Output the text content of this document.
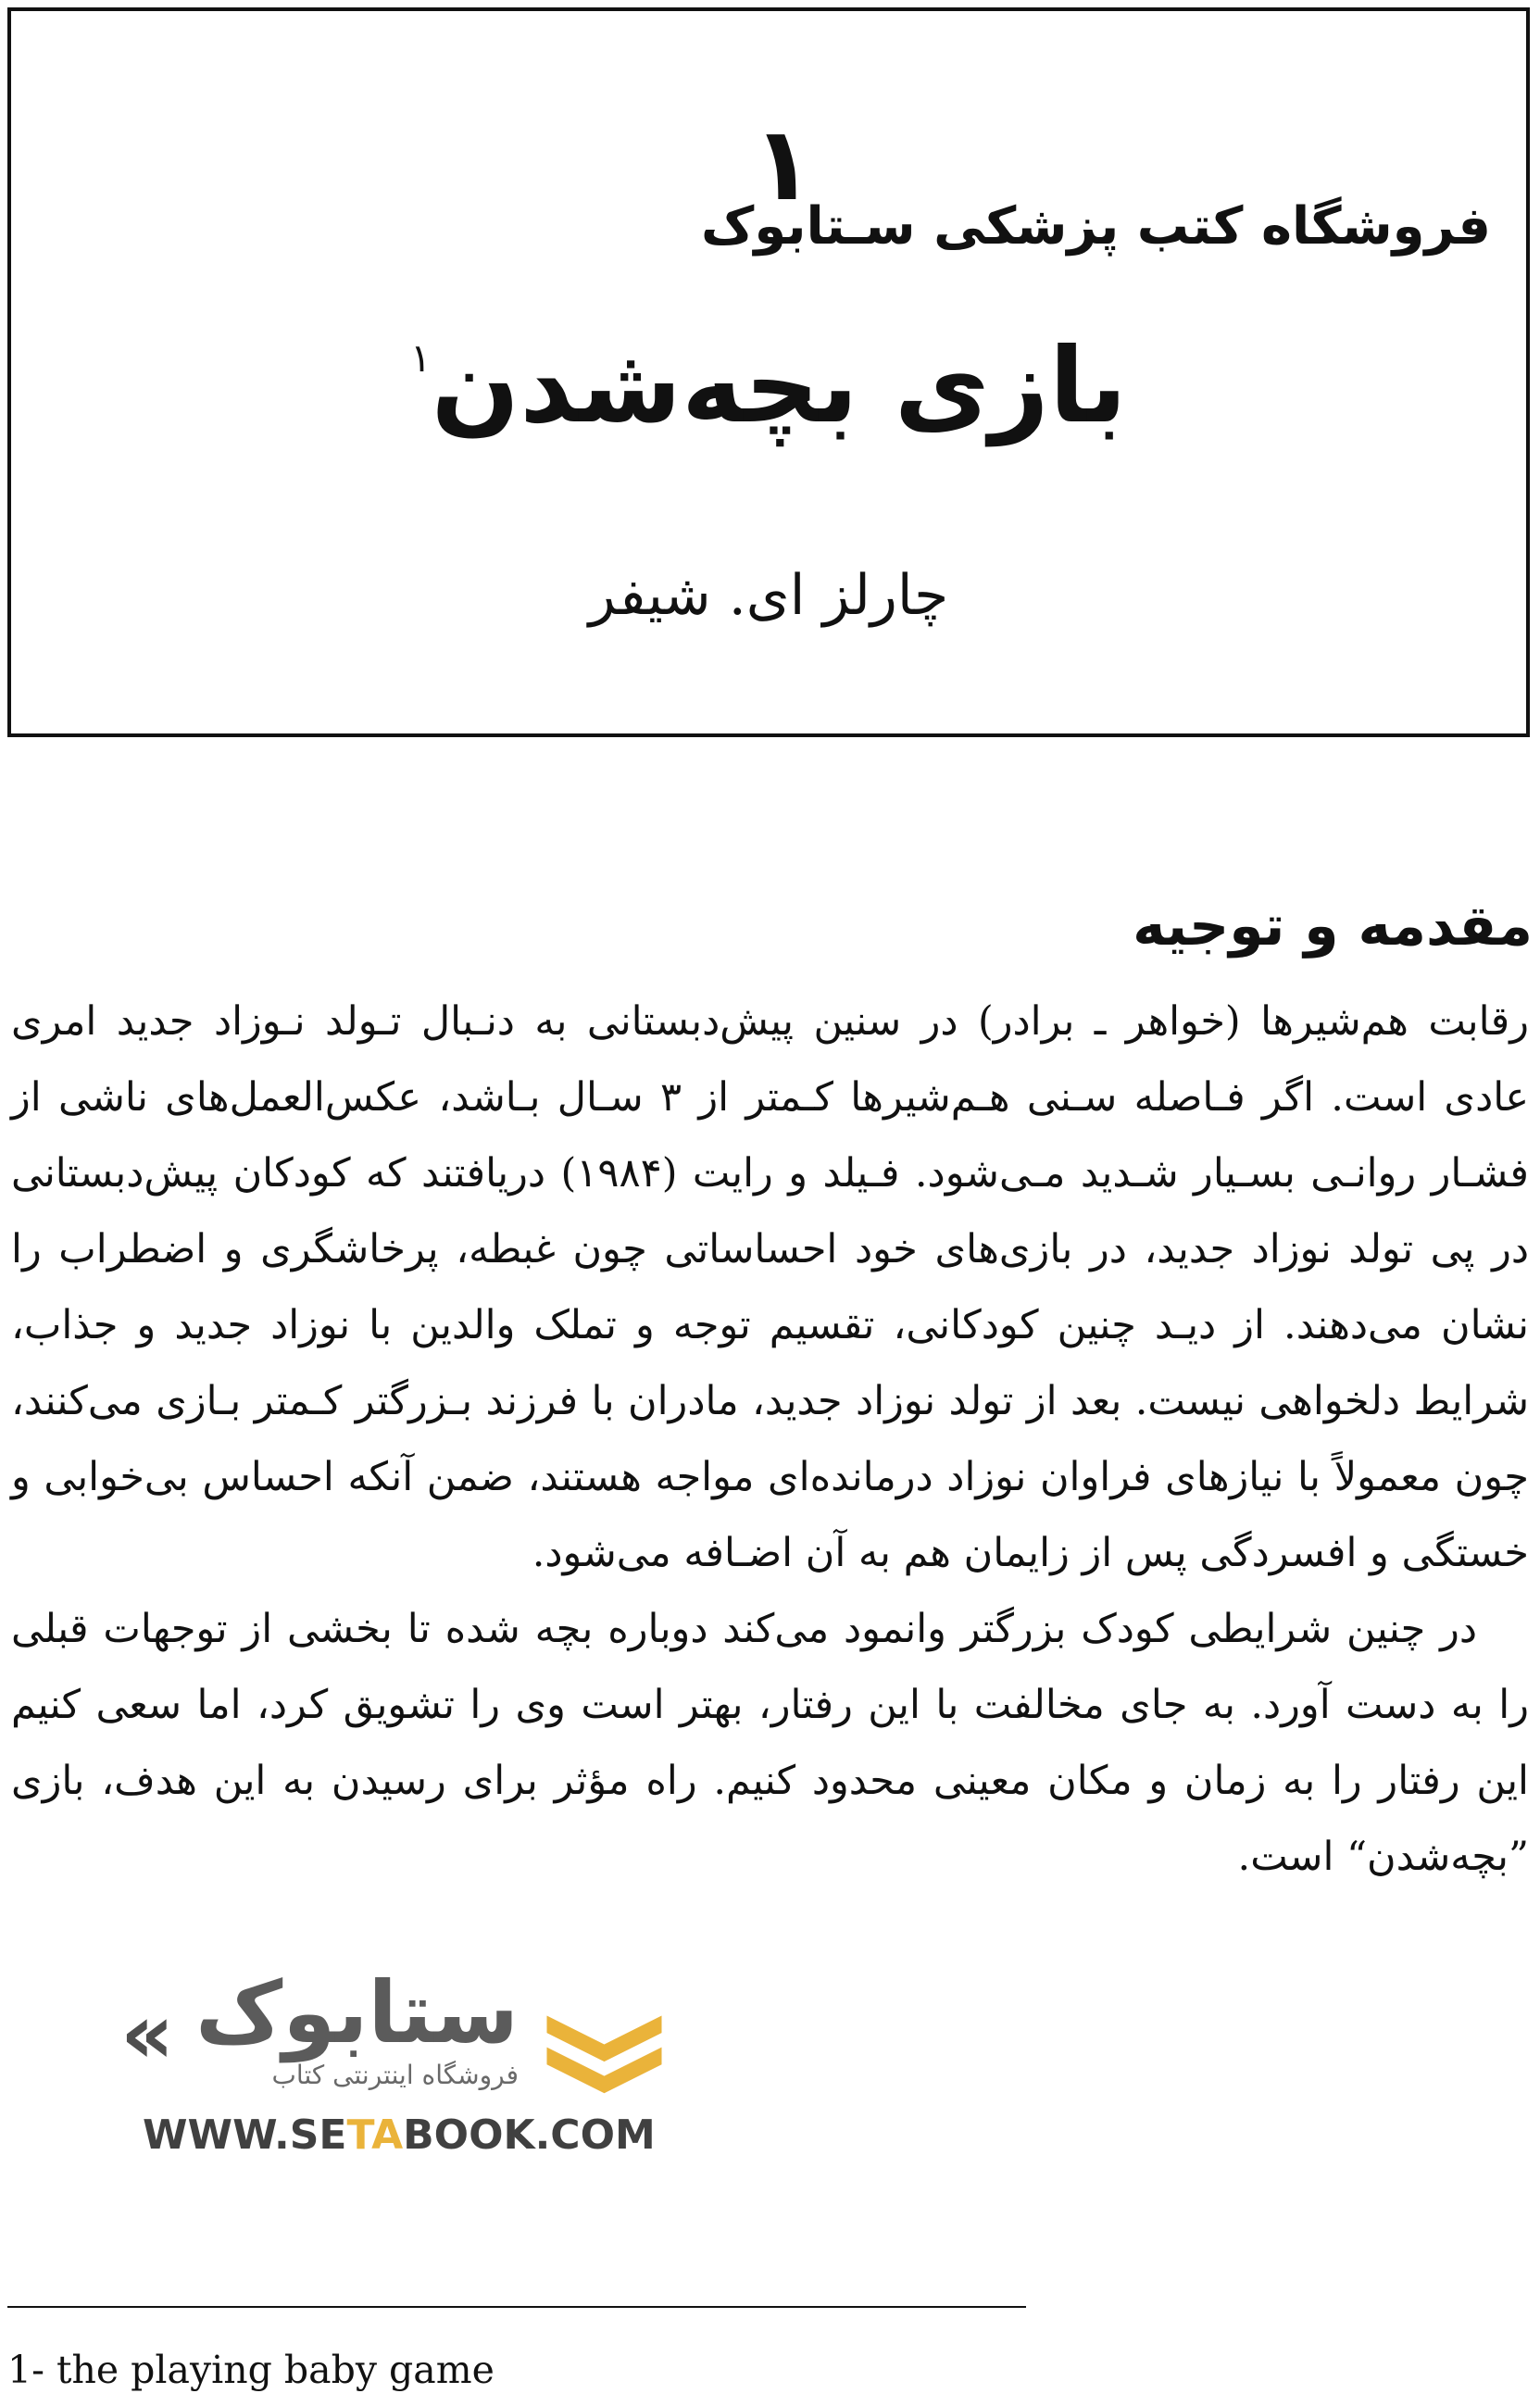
۱
فروشگاه کتب پزشکی سـتابوک
بازی بچه‌شدن$^۱$
چارلز ای. شیفر
مقدمه و توجیه

رقابت هم‌شیرها (خواهر ـ برادر) در سنین پیش‌دبستانی به دنـبال تـولد نـوزاد جدید امری عادی است. اگر فـاصله سـنی هـم‌شیرها کـمتر از ۳ سـال بـاشد، عکس‌العمل‌های ناشی از فشـار روانـی بسـیار شـدید مـی‌شود. فـیلد و رایت (۱۹۸۴) دریافتند که کودکان پیش‌دبستانی در پی تولد نوزاد جدید، در بازی‌های خود احساساتی چون غبطه، پرخاشگری و اضطراب را نشان می‌دهند. از دیـد چنین کودکانی، تقسیم توجه و تملک والدین با نوزاد جدید و جذاب، شرایط دلخواهی نیست. بعد از تولد نوزاد جدید، مادران با فرزند بـزرگتر کـمتر بـازی می‌کنند، چون معمولاً با نیازهای فراوان نوزاد درمانده‌ای مواجه هستند، ضمن آنکه احساس بی‌خوابی و خستگی و افسردگی پس از زایمان هم به آن اضـافه می‌شود.

در چنین شرایطی کودک بزرگتر وانمود می‌کند دوباره بچه شده تا بخشی از توجهات قبلی را به دست آورد. به جای مخالفت با این رفتار، بهتر است وی را تشویق کرد، اما سعی کنیم این رفتار را به زمان و مکان معینی محدود کنیم. راه مؤثر برای رسیدن به این هدف، بازی ”بچه‌شدن“ است.

« ستابوک
فروشگاه اینترنتی کتاب
WWW.SETABOOK.COM
1- the playing baby game
